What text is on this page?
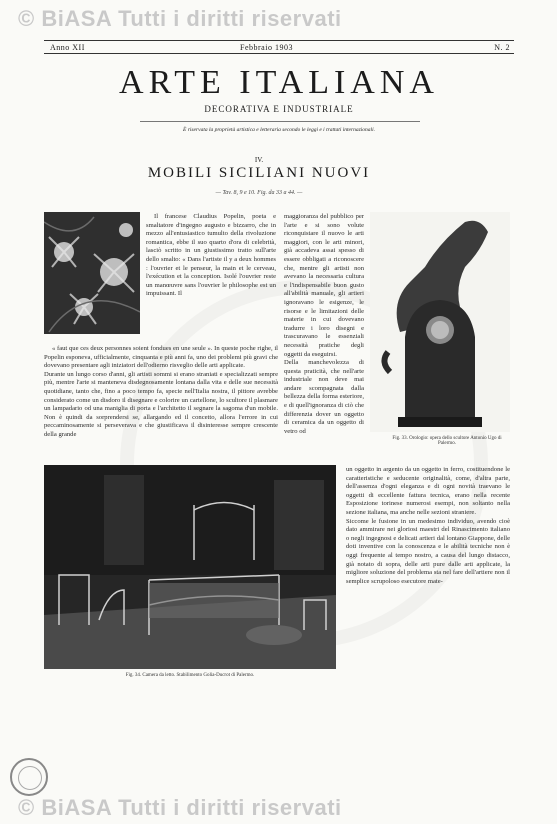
© BiASA Tutti i diritti riservati
Anno XII	Febbraio 1903	N. 2
ARTE ITALIANA
DECORATIVA E INDUSTRIALE
È riservata la proprietà artistica e letteraria secondo le leggi e i trattati internazionali.
IV.
MOBILI SICILIANI NUOVI
— Tav. 8, 9 e 10. Fig. da 33 a 44. —

Il francese Claudius Popelin, poeta e smaltatore d'ingegno augusto e bizzarro, che in mezzo all'entusiastico tumulto della rivoluzione romantica, ebbe il suo quarto d'ora di celebrità, lasciò scritto in un giustissimo tratto sull'arte dello smalto: « Dans l'artiste il y a deux hommes : l'ouvrier et le penseur, la main et le cerveau, l'exécution et la conception. Isolé l'ouvrier reste un manœuvre sans l'ouvrier le philosophe est un impuissant. Il

« faut que ces deux personnes soient fondues en une seule ». In queste poche righe, il Popelin esponeva, ufficialmente, cinquanta e più anni fa, uno dei problemi più gravi che dovevano presentare agli iniziatori dell'odierno risveglio delle arti applicate.
Durante un lungo corso d'anni, gli artisti sommi si erano straniati e specializzati sempre più, mentre l'arte si manteneva disdegnosamente lontana dalla vita e delle sue necessità quotidiane, tanto che, fino a poco tempo fa, specie nell'Italia nostra, il pittore avrebbe considerato come un disdoro il disegnare e colorire un cartellone, lo scultore il plasmare un lampadario od una maniglia di porta e l'architetto il segnare la sagoma d'un mobile. Non è quindi da sorprendersi se, allargando ed il concetto, allora l'errore in cui peccaminosamente si perseverava e che giustificava il disinteresse sempre crescente della grande

maggioranza del pubblico per l'arte e si sono volute riconquistare il nuovo le arti maggiori, con le arti minori, già accadeva assai spesso di essere obbligati a riconoscere che, mentre gli artisti non avevano la necessaria cultura e l'indispensabile buon gusto all'abilità manuale, gli artieri ignoravano le esigenze, le risorse e le limitazioni delle materie in cui dovevano tradurre i loro disegni e trascuravano le essenziali necessità pratiche degli oggetti da eseguirsi.
Della manchevolezza di questa praticità, che nell'arte industriale non deve mai andare scompagnata dalla bellezza della forma esteriore, e di quell'ignoranza di ciò che differenzia dover un oggetto di ceramica da un oggetto di vetro od

Fig. 33. Orologio: opera dello scultore Antonio Ugo di Palermo.
Fig. 34. Camera da letto. Stabilimento Golia-Ducrot di Palermo.

un oggetto in argento da un oggetto in ferro, costituendone le caratteristiche e seducente originalità, come, d'altra parte, dell'assenza d'ogni eleganza e di ogni novità traevano le oggetti di eccellente fattura tecnica, erano nella recente Esposizione torinese numerosi esempi, non soltanto nella sezione italiana, ma anche nelle sezioni straniere.
Siccome le fusione in un medesimo individuo, avendo cioè dato ammirare nei gloriosi maestri del Rinascimento italiano o negli ingegnosi e delicati artieri dal lontano Giappone, delle doti inventive con la conoscenza e le abilità tecniche non è oggi frequente al tempo nostro, a causa del lungo distacco, già notato di sopra, delle arti pure dalle arti applicate, la migliore soluzione del problema sta nel fare dell'artiere non il semplice scrupoloso esecutore mate-

© BiASA Tutti i diritti riservati
